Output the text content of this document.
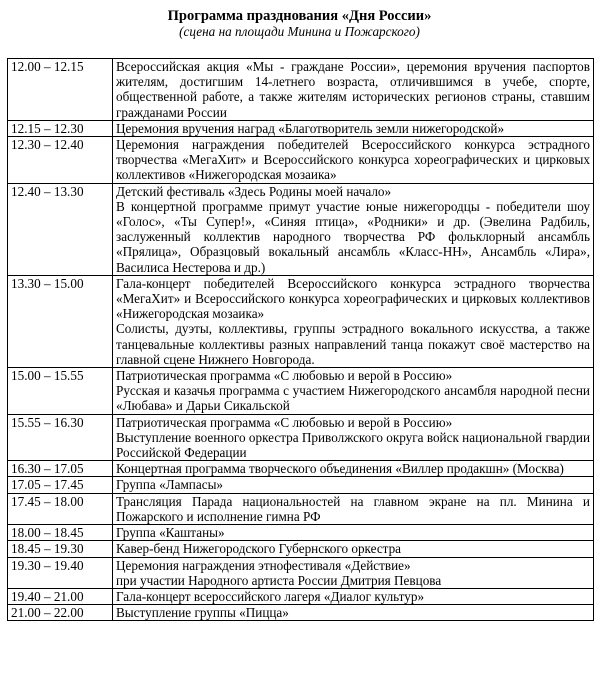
Программа празднования «Дня России»
(сцена на площади Минина и Пожарского)
12.00 – 12.15	Всероссийская акция «Мы - граждане России», церемония вручения паспортов жителям, достигшим 14-летнего возраста, отличившимся в учебе, спорте, общественной работе, а также жителям исторических регионов страны, ставшим гражданами России

12.15 – 12.30	Церемония вручения наград «Благотворитель земли нижегородской»

12.30 – 12.40	Церемония награждения победителей Всероссийского конкурса эстрадного творчества «МегаХит» и Всероссийского конкурса хореографических и цирковых коллективов «Нижегородская мозаика»

12.40 – 13.30	Детский фестиваль «Здесь Родины моей начало»

В концертной программе примут участие юные нижегородцы - победители шоу «Голос», «Ты Супер!», «Синяя птица», «Родники» и др. (Эвелина Радбиль, заслуженный коллектив народного творчества РФ фольклорный ансамбль «Прялица», Образцовый вокальный ансамбль «Класс-НН», Ансамбль «Лира», Василиса Нестерова и др.)

13.30 – 15.00	Гала-концерт победителей Всероссийского конкурса эстрадного творчества «МегаХит» и Всероссийского конкурса хореографических и цирковых коллективов «Нижегородская мозаика»

Солисты, дуэты, коллективы, группы эстрадного вокального искусства, а также танцевальные коллективы разных направлений танца покажут своё мастерство на главной сцене Нижнего Новгорода.

15.00 – 15.55	Патриотическая программа «С любовью и верой в Россию»

Русская и казачья программа с участием Нижегородского ансамбля народной песни «Любава» и Дарьи Сикальской

15.55 – 16.30	Патриотическая программа «С любовью и верой в Россию»

Выступление военного оркестра Приволжского округа войск национальной гвардии Российской Федерации

16.30 – 17.05	Концертная программа творческого объединения «Виллер продакшн» (Москва)

17.05 – 17.45	Группа «Лампасы»

17.45 – 18.00	Трансляция Парада национальностей на главном экране на пл. Минина и Пожарского и исполнение гимна РФ

18.00 – 18.45	Группа «Каштаны»

18.45 – 19.30	Кавер-бенд Нижегородского Губернского оркестра

19.30 – 19.40	Церемония награждения этнофестиваля «Действие»

при участии Народного артиста России Дмитрия Певцова

19.40 – 21.00	Гала-концерт всероссийского лагеря «Диалог культур»

21.00 – 22.00	Выступление группы «Пицца»
